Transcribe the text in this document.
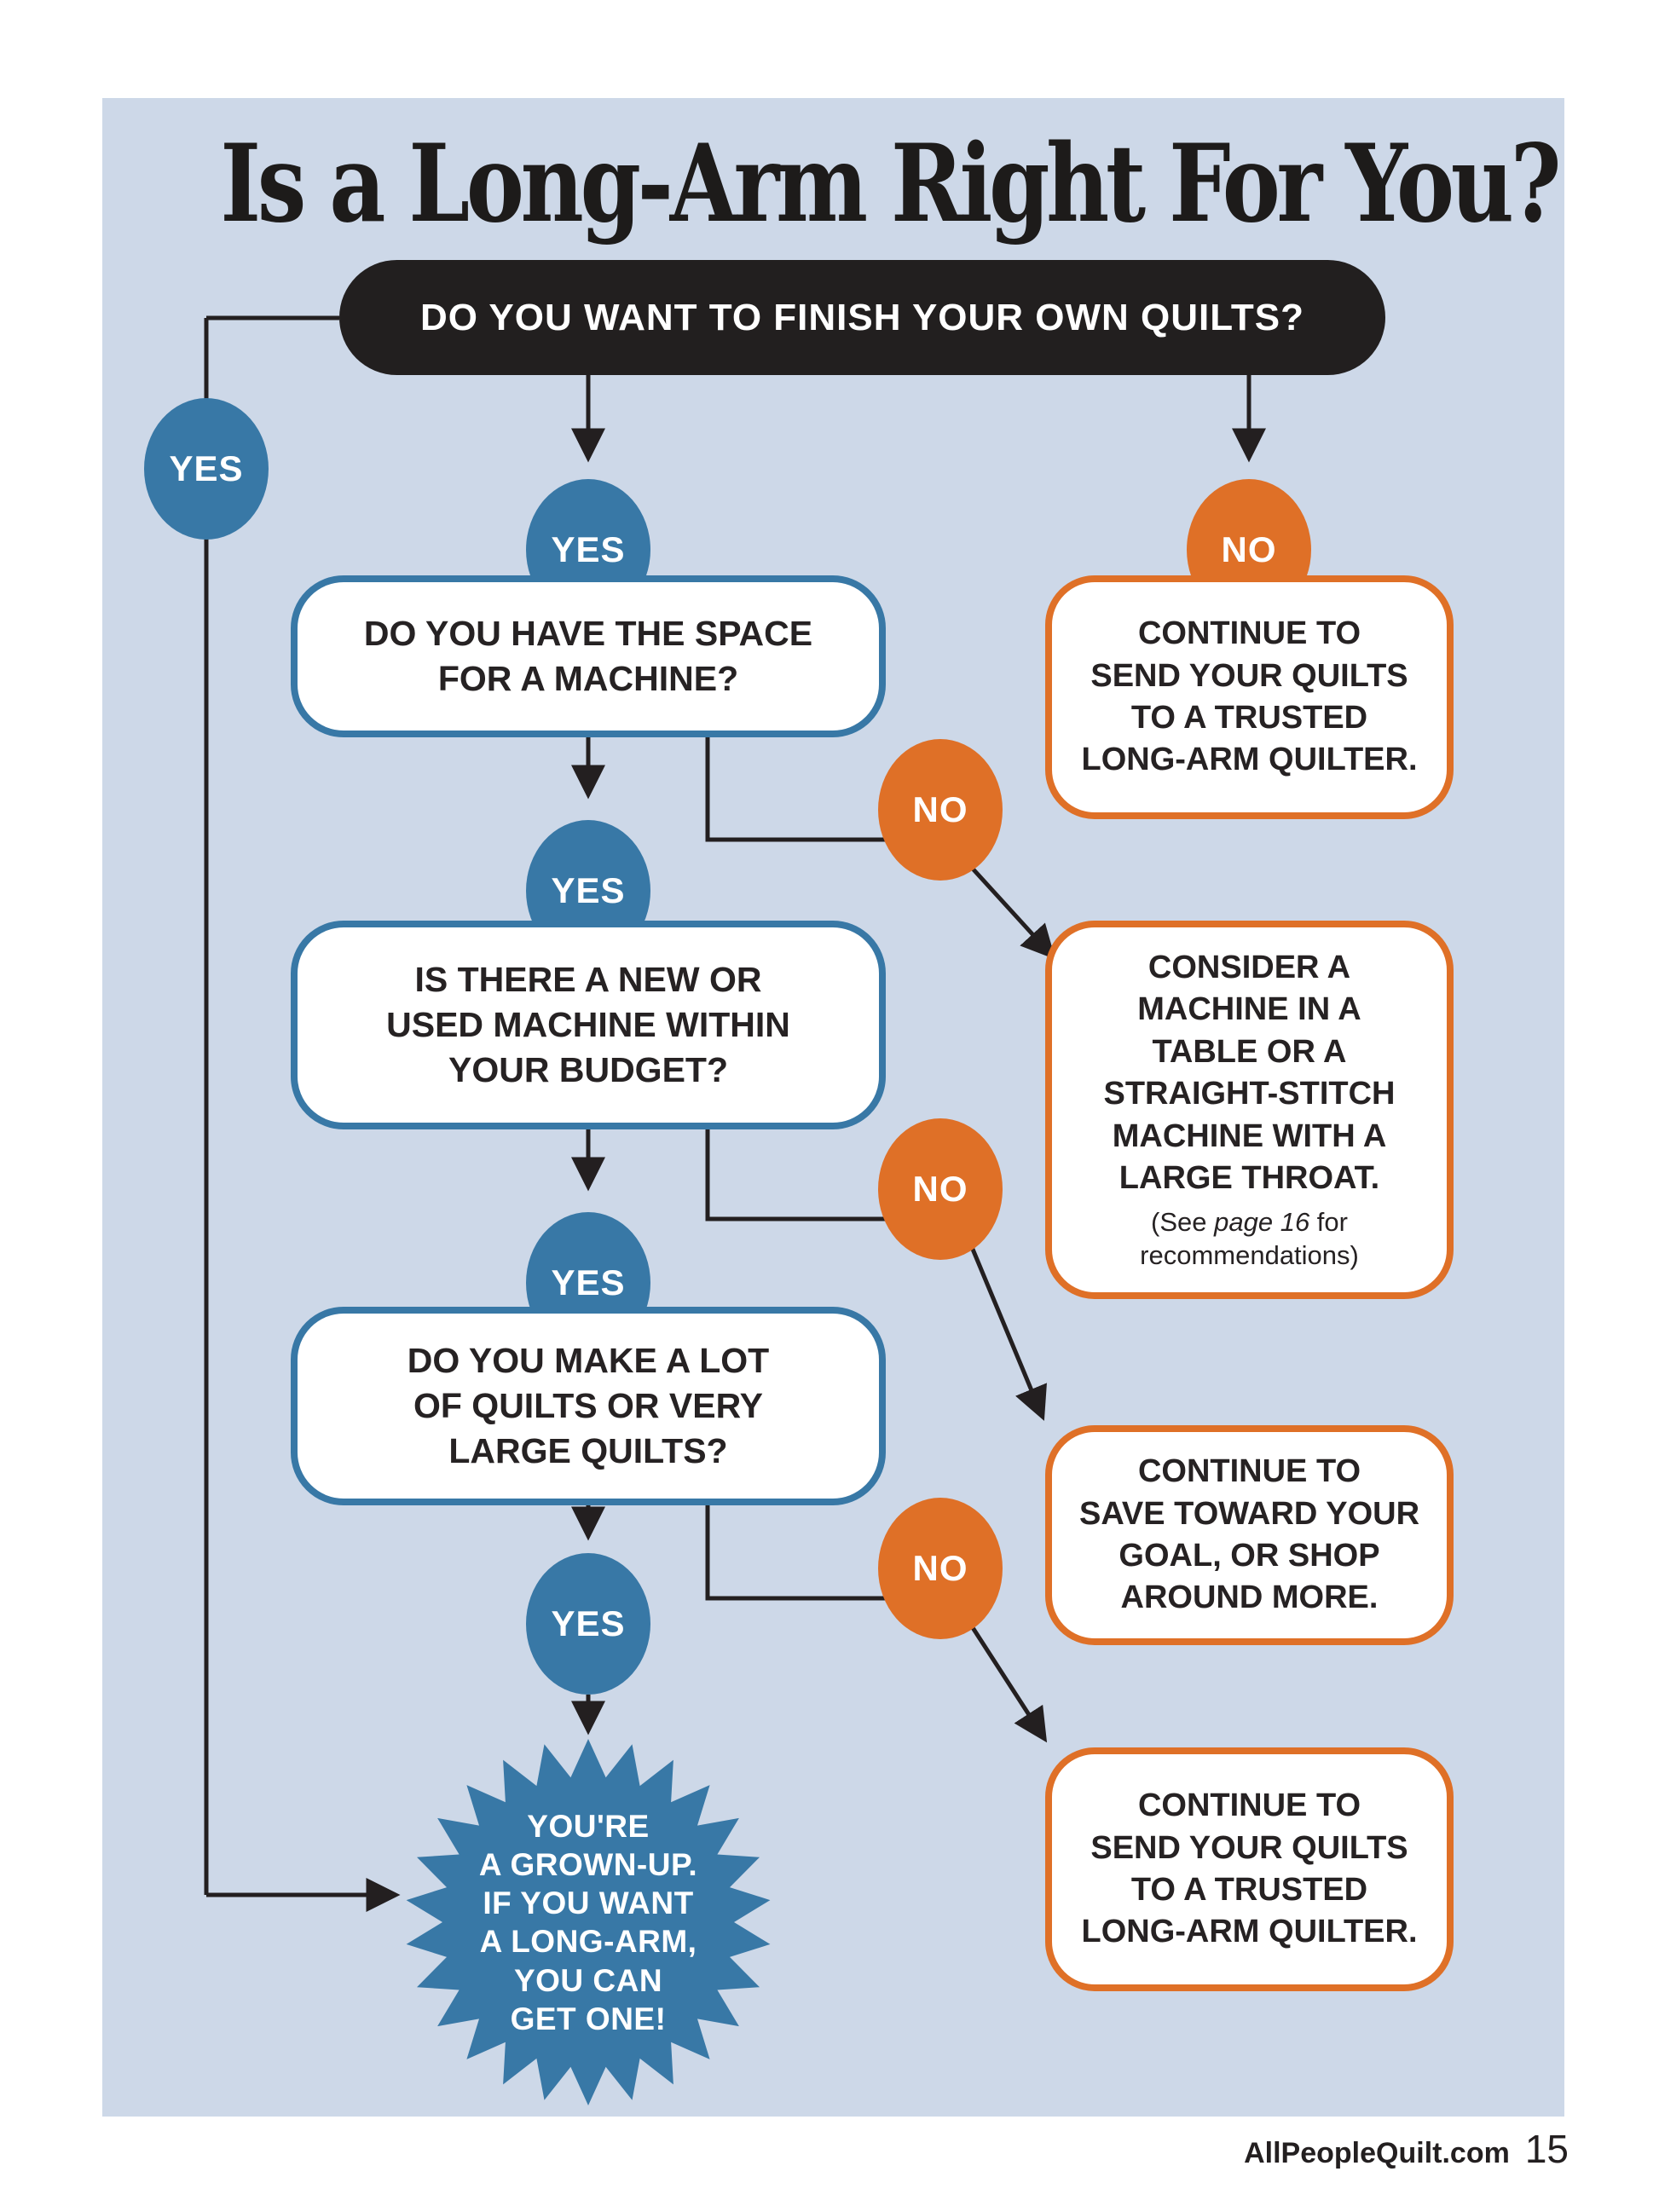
Is a Long-Arm Right For You?
DO YOU WANT TO FINISH YOUR OWN QUILTS?
YES
YES	NO
YES
NO
YES
NO
YES
NO
DO YOU HAVE THE SPACE
FOR A MACHINE?
IS THERE A NEW OR
USED MACHINE WITHIN
YOUR BUDGET?
DO YOU MAKE A LOT
OF QUILTS OR VERY
LARGE QUILTS?
CONTINUE TO
SEND YOUR QUILTS
TO A TRUSTED
LONG-ARM QUILTER.
CONSIDER A
MACHINE IN A
TABLE OR A
STRAIGHT-STITCH
MACHINE WITH A
LARGE THROAT.
(See page 16 for
recommendations)
CONTINUE TO
SAVE TOWARD YOUR
GOAL, OR SHOP
AROUND MORE.
CONTINUE TO
SEND YOUR QUILTS
TO A TRUSTED
LONG-ARM QUILTER.
YOU'RE
A GROWN-UP.
IF YOU WANT
A LONG-ARM,
YOU CAN
GET ONE!
AllPeopleQuilt.com 15
